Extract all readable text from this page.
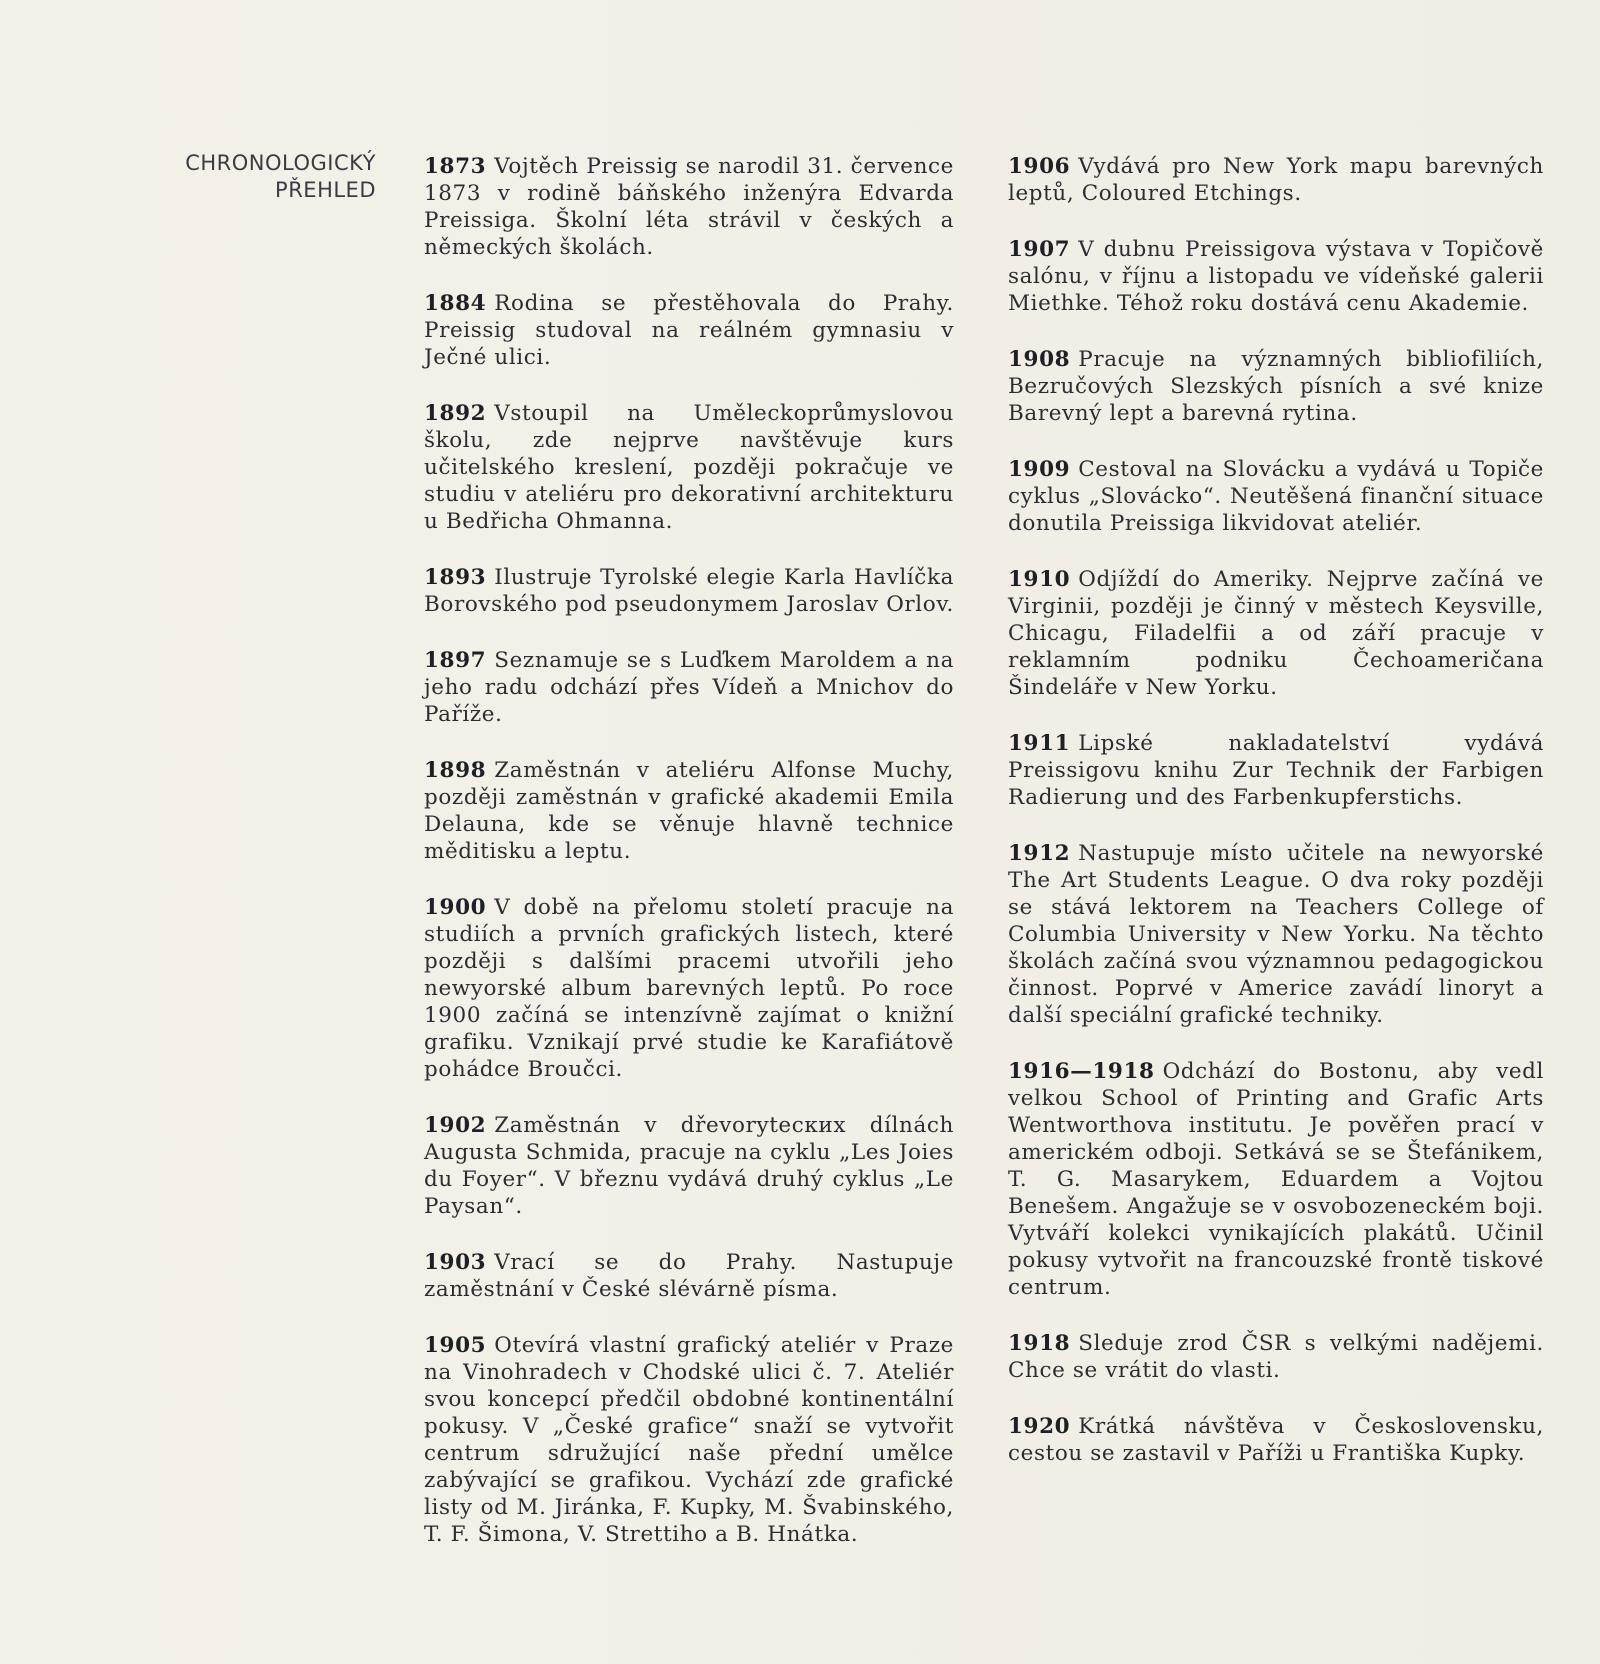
CHRONOLOGICKÝ
PŘEHLED

1873 Vojtěch Preissig se narodil 31. července 1873 v rodině báňského inženýra Edvarda Preissiga. Školní léta strávil v českých a německých školách.

1884 Rodina se přestěhovala do Prahy. Preissig studoval na reálném gymnasiu v Ječné ulici.

1892 Vstoupil na Uměleckoprůmyslovou školu, zde nejprve navštěvuje kurs učitelského kreslení, později pokračuje ve studiu v ateliéru pro dekorativní architekturu u Bedřicha Ohmanna.

1893 Ilustruje Tyrolské elegie Karla Havlíčka Borovského pod pseudonymem Jaroslav Orlov.

1897 Seznamuje se s Luďkem Maroldem a na jeho radu odchází přes Vídeň a Mnichov do Paříže.

1898 Zaměstnán v ateliéru Alfonse Muchy, později zaměstnán v grafické akademii Emila Delauna, kde se věnuje hlavně technice měditisku a leptu.

1900 V době na přelomu století pracuje na studiích a prvních grafických listech, které později s dalšími pracemi utvořili jeho newyorské album barevných leptů. Po roce 1900 začíná se intenzívně zajímat o knižní grafiku. Vznikají prvé studie ke Karafiátově pohádce Broučci.

1902 Zaměstnán v dřevorytecких dílnách Augusta Schmida, pracuje na cyklu „Les Joies du Foyer“. V březnu vydává druhý cyklus „Le Paysan“.

1903 Vrací se do Prahy. Nastupuje zaměstnání v České slévárně písma.

1905 Otevírá vlastní grafický ateliér v Praze na Vinohradech v Chodské ulici č. 7. Ateliér svou koncepcí předčil obdobné kontinentální pokusy. V „České grafice“ snaží se vytvořit centrum sdružující naše přední umělce zabývající se grafikou. Vychází zde grafické listy od M. Jiránka, F. Kupky, M. Švabinského, T. F. Šimona, V. Strettiho a B. Hnátka.

1906 Vydává pro New York mapu barevných leptů, Coloured Etchings.

1907 V dubnu Preissigova výstava v Topičově salónu, v říjnu a listopadu ve vídeňské galerii Miethke. Téhož roku dostává cenu Akademie.

1908 Pracuje na významných bibliofiliích, Bezručových Slezských písních a své knize Barevný lept a barevná rytina.

1909 Cestoval na Slovácku a vydává u Topiče cyklus „Slovácko“. Neutěšená finanční situace donutila Preissiga likvidovat ateliér.

1910 Odjíždí do Ameriky. Nejprve začíná ve Virginii, později je činný v městech Keysville, Chicagu, Filadelfii a od září pracuje v reklamním podniku Čechoameričana Šindeláře v New Yorku.

1911 Lipské nakladatelství vydává Preissigovu knihu Zur Technik der Farbigen Radierung und des Farbenkupferstichs.

1912 Nastupuje místo učitele na newyorské The Art Students League. O dva roky později se stává lektorem na Teachers College of Columbia University v New Yorku. Na těchto školách začíná svou významnou pedagogickou činnost. Poprvé v Americe zavádí linoryt a další speciální grafické techniky.

1916—1918 Odchází do Bostonu, aby vedl velkou School of Printing and Grafic Arts Wentworthova institutu. Je pověřen prací v americkém odboji. Setkává se se Štefánikem, T. G. Masarykem, Eduardem a Vojtou Benešem. Angažuje se v osvobozeneckém boji. Vytváří kolekci vynikajících plakátů. Učinil pokusy vytvořit na francouzské frontě tiskové centrum.

1918 Sleduje zrod ČSR s velkými nadějemi. Chce se vrátit do vlasti.

1920 Krátká návštěva v Československu, cestou se zastavil v Paříži u Františka Kupky.
